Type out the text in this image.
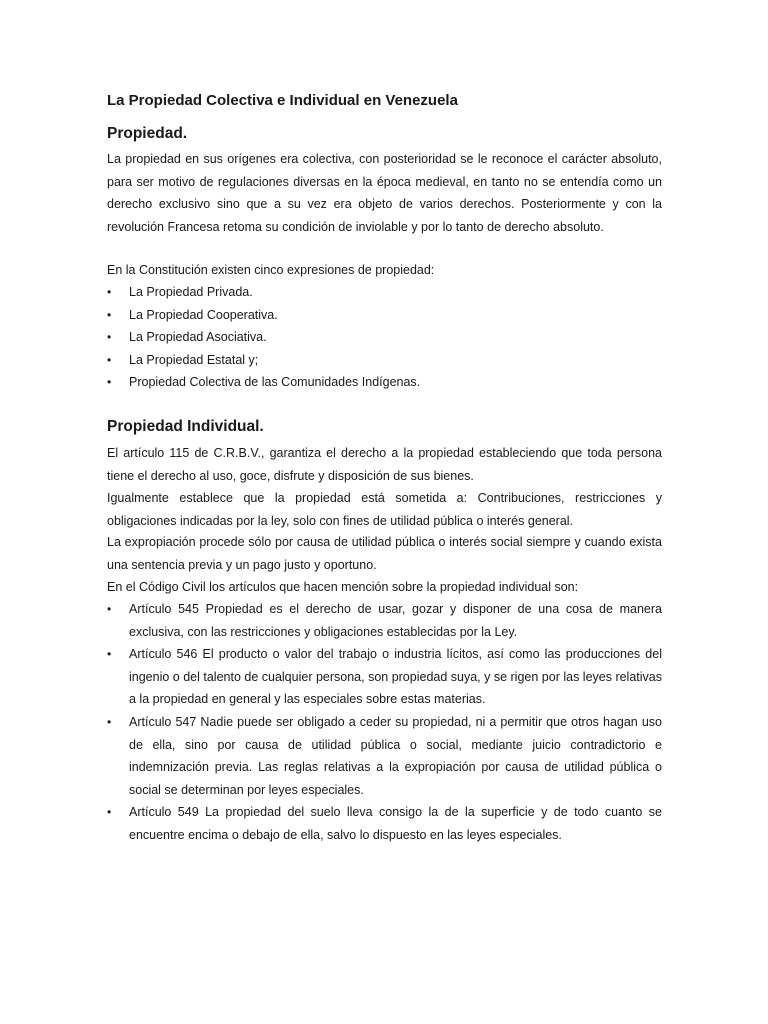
La Propiedad Colectiva e Individual en Venezuela
Propiedad.

La propiedad en sus orígenes era colectiva, con posterioridad se le reconoce el carácter absoluto, para ser motivo de regulaciones diversas en la época medieval, en tanto no se entendía como un derecho exclusivo sino que a su vez era objeto de varios derechos. Posteriormente y con la revolución Francesa retoma su condición de inviolable y por lo tanto de derecho absoluto.

En la Constitución existen cinco expresiones de propiedad:

• La Propiedad Privada.
• La Propiedad Cooperativa.
• La Propiedad Asociativa.
• La Propiedad Estatal y;
• Propiedad Colectiva de las Comunidades Indígenas.
Propiedad Individual.

El artículo 115 de C.R.B.V., garantiza el derecho a la propiedad estableciendo que toda persona tiene el derecho al uso, goce, disfrute y disposición de sus bienes.

Igualmente establece que la propiedad está sometida a: Contribuciones, restricciones y obligaciones indicadas por la ley, solo con fines de utilidad pública o interés general.

La expropiación procede sólo por causa de utilidad pública o interés social siempre y cuando exista una sentencia previa y un pago justo y oportuno.

En el Código Civil los artículos que hacen mención sobre la propiedad individual son:

• Artículo 545 Propiedad es el derecho de usar, gozar y disponer de una cosa de manera exclusiva, con las restricciones y obligaciones establecidas por la Ley.
• Artículo 546 El producto o valor del trabajo o industria lícitos, así como las producciones del ingenio o del talento de cualquier persona, son propiedad suya, y se rigen por las leyes relativas a la propiedad en general y las especiales sobre estas materias.
• Artículo 547 Nadie puede ser obligado a ceder su propiedad, ni a permitir que otros hagan uso de ella, sino por causa de utilidad pública o social, mediante juicio contradictorio e indemnización previa. Las reglas relativas a la expropiación por causa de utilidad pública o social se determinan por leyes especiales.
• Artículo 549 La propiedad del suelo lleva consigo la de la superficie y de todo cuanto se encuentre encima o debajo de ella, salvo lo dispuesto en las leyes especiales.
